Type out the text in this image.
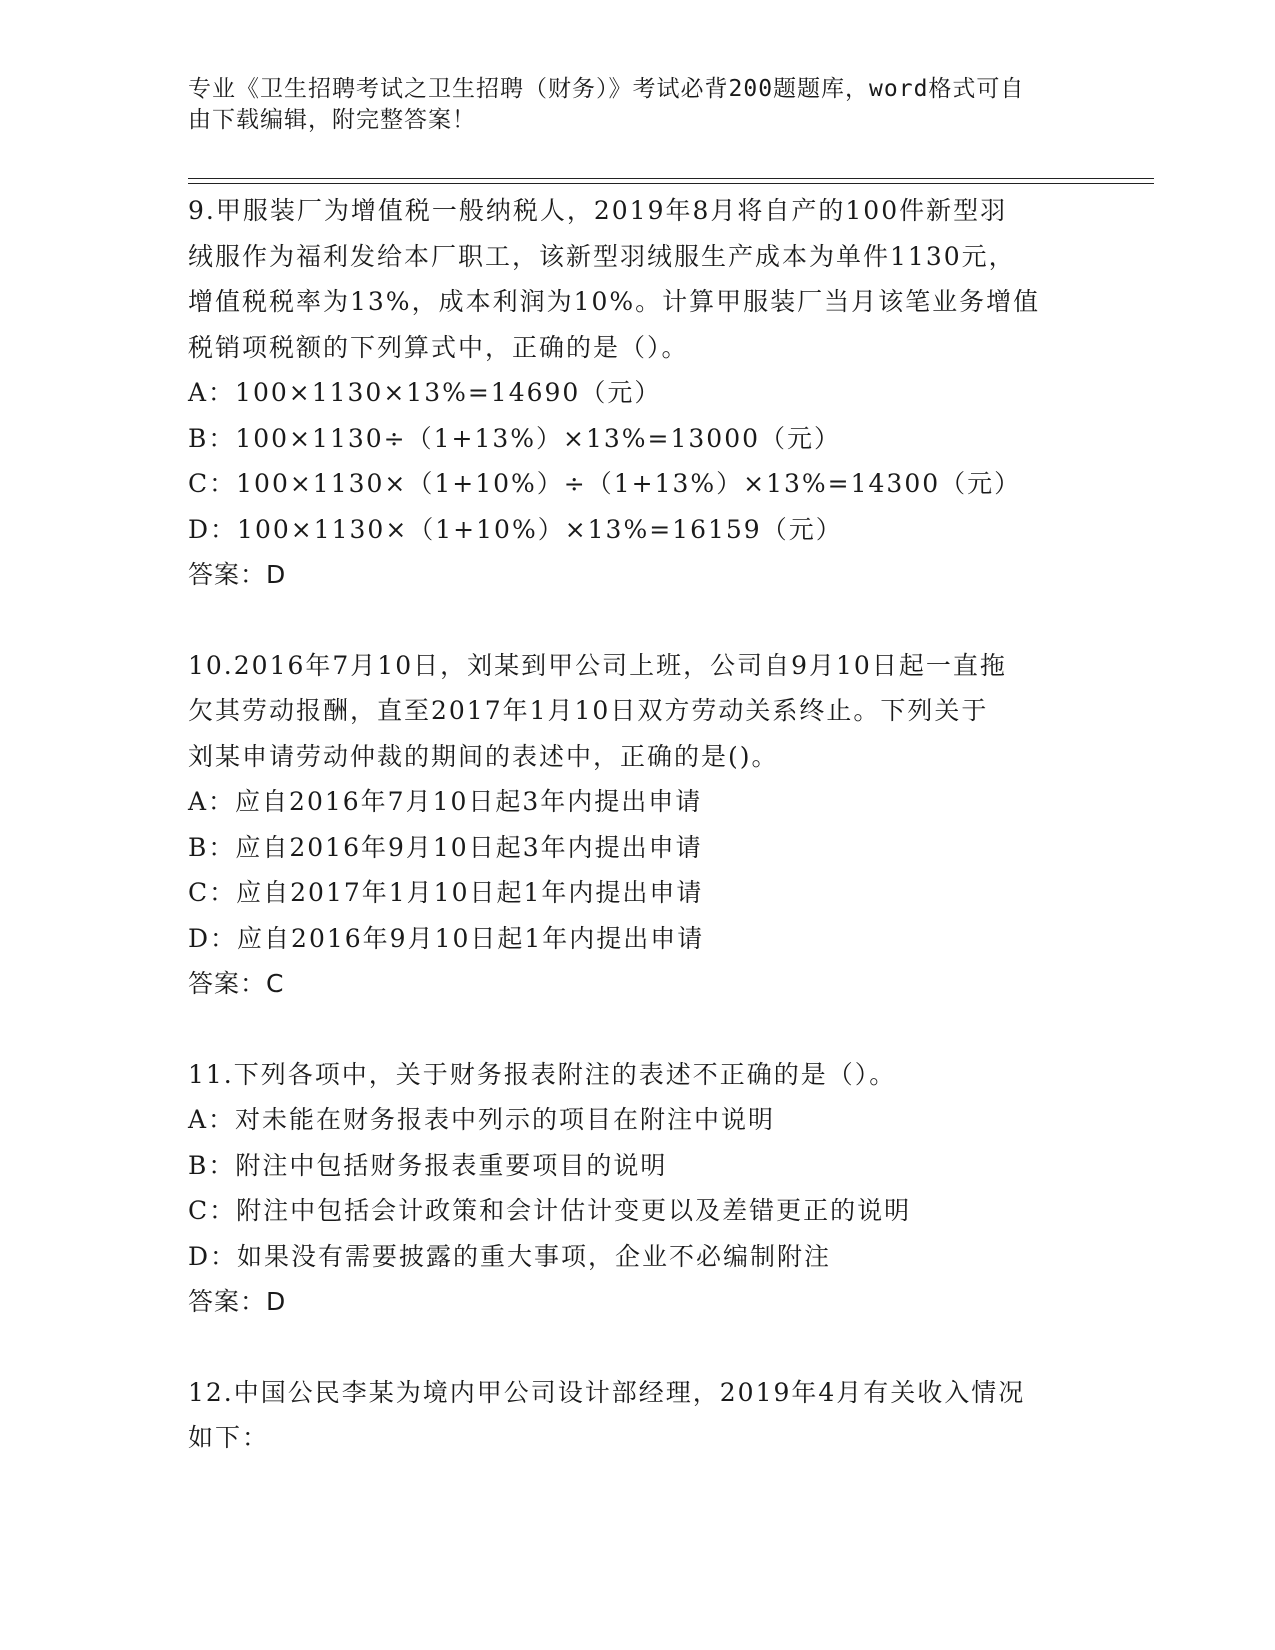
专业《卫生招聘考试之卫生招聘（财务）》考试必背200题题库，word格式可自
由下载编辑，附完整答案！
9.甲服装厂为增值税一般纳税人，2019年8月将自产的100件新型羽
绒服作为福利发给本厂职工，该新型羽绒服生产成本为单件1130元，
增值税税率为13%，成本利润为10%。计算甲服装厂当月该笔业务增值
税销项税额的下列算式中，正确的是（）。
A：100×1130×13%=14690（元）
B：100×1130÷（1+13%）×13%=13000（元）
C：100×1130×（1+10%）÷（1+13%）×13%=14300（元）
D：100×1130×（1+10%）×13%=16159（元）
答案：D
10.2016年7月10日，刘某到甲公司上班，公司自9月10日起一直拖
欠其劳动报酬，直至2017年1月10日双方劳动关系终止。下列关于
刘某申请劳动仲裁的期间的表述中，正确的是()。
A：应自2016年7月10日起3年内提出申请
B：应自2016年9月10日起3年内提出申请
C：应自2017年1月10日起1年内提出申请
D：应自2016年9月10日起1年内提出申请
答案：C
11.下列各项中，关于财务报表附注的表述不正确的是（）。
A：对未能在财务报表中列示的项目在附注中说明
B：附注中包括财务报表重要项目的说明
C：附注中包括会计政策和会计估计变更以及差错更正的说明
D：如果没有需要披露的重大事项，企业不必编制附注
答案：D
12.中国公民李某为境内甲公司设计部经理，2019年4月有关收入情况
如下：
